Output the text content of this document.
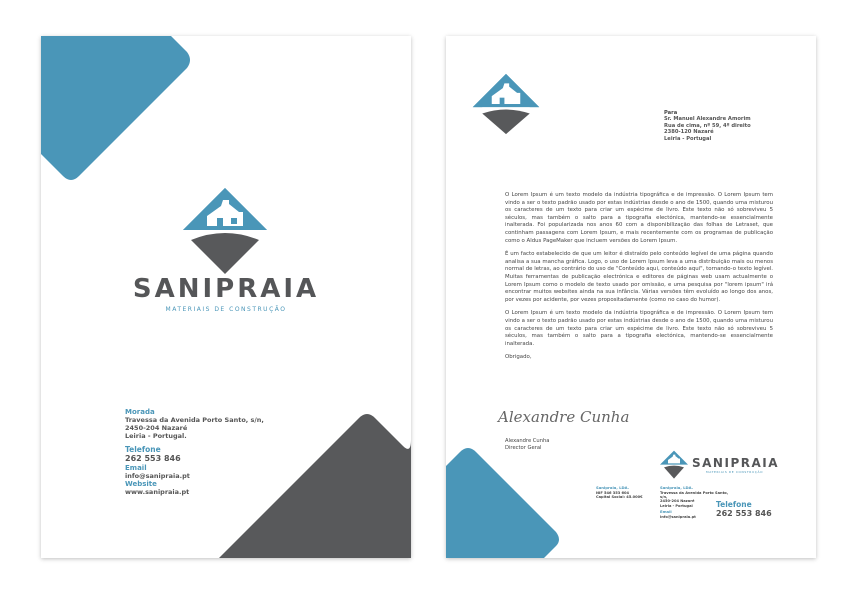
SANIPRAIA
MATERIAIS DE CONSTRUÇÃO
Morada
Travessa da Avenida Porto Santo, s/n,
2450-204 Nazaré
Leiria - Portugal.
Telefone
262 553 846
Email
info@sanipraia.pt
Website
www.sanipraia.pt
Para
Sr. Manuel Alexandre Amorim
Rua de cima, nº 59, 4º direito
2380-120 Nazaré
Leiria - Portugal

O Lorem Ipsum é um texto modelo da indústria tipográfica e de impressão. O Lorem Ipsum tem vindo a ser o texto padrão usado por estas indústrias desde o ano de 1500, quando uma misturou os caracteres de um texto para criar um espécime de livro. Este texto não só sobreviveu 5 séculos, mas também o salto para a tipografia electónica, mantendo-se essencialmente inalterada. Foi popularizada nos anos 60 com a disponibilização das folhas de Letraset, que continham passagens com Lorem Ipsum, e mais recentemente com os programas de publicação como o Aldus PageMaker que incluem versões do Lorem Ipsum.

É um facto estabelecido de que um leitor é distraído pelo conteúdo legível de uma página quando analisa a sua mancha gráfica. Logo, o uso de Lorem Ipsum leva a uma distribuição mais ou menos normal de letras, ao contrário do uso de "Conteúdo aqui, conteúdo aqui", tornando-o texto legível. Muitas ferramentas de publicação electrónica e editores de páginas web usam actualmente o Lorem Ipsum como o modelo de texto usado por omissão, e uma pesquisa por "lorem ipsum" irá encontrar muitos websites ainda na sua infância. Várias versões têm evoluído ao longo dos anos, por vezes por acidente, por vezes propositadamente (como no caso do humor).

O Lorem Ipsum é um texto modelo da indústria tipográfica e de impressão. O Lorem Ipsum tem vindo a ser o texto padrão usado por estas indústrias desde o ano de 1500, quando uma misturou os caracteres de um texto para criar um espécime de livro. Este texto não só sobreviveu 5 séculos, mas também o salto para a tipografia electónica, mantendo-se essencialmente inalterada.

Obrigado,

Alexandre Cunha
Alexandre Cunha
Director Geral
SANIPRAIA
MATERIAIS DE CONSTRUÇÃO
Sanipraia, LDA.
NIF 546 353 604
Capital Social: 45.000€
Sanipraia, LDA.
Travessa da Avenida Porto Santo, s/n,
2450-204 Nazaré
Leiria - Portugal
Email
info@sanipraia.pt
Telefone
262 553 846
